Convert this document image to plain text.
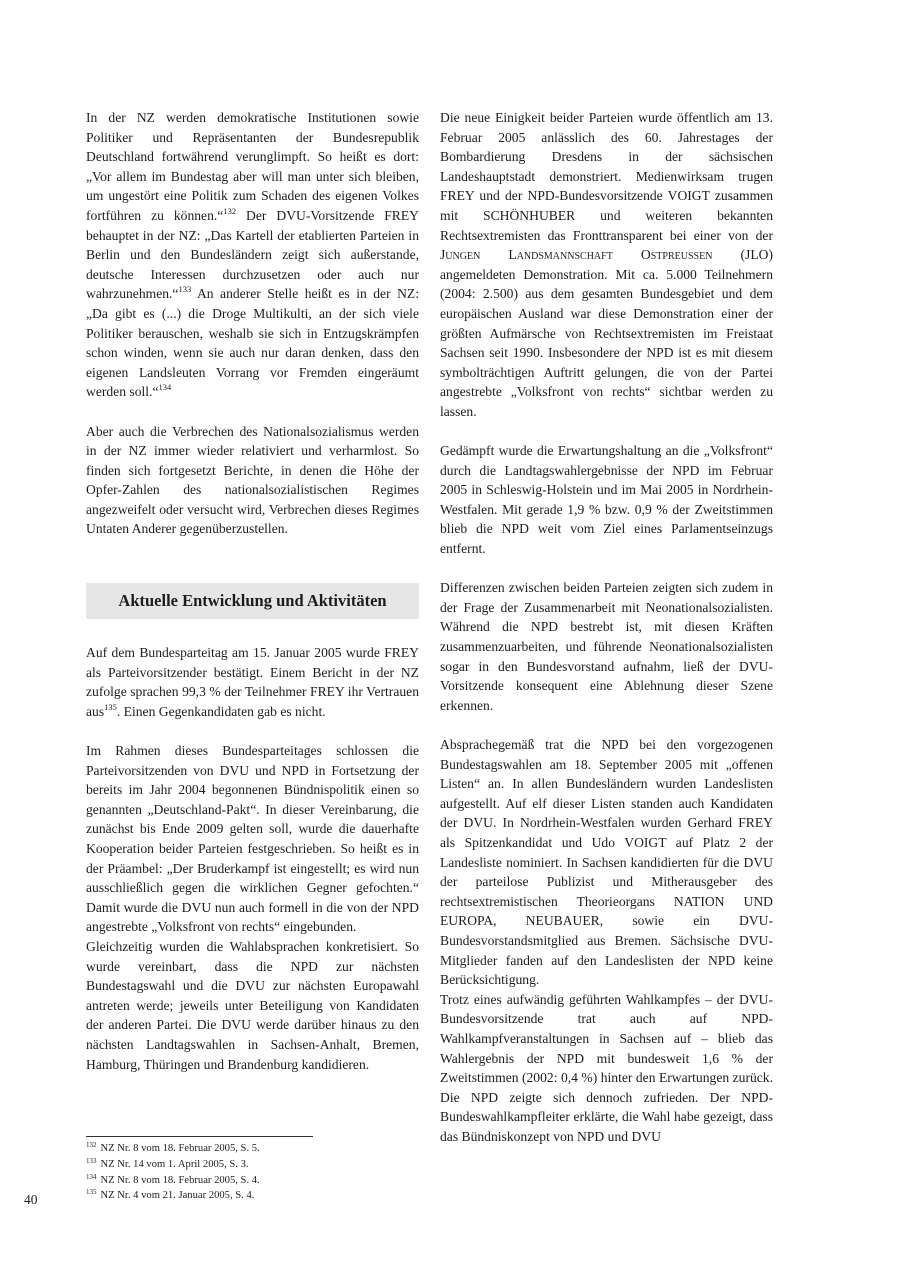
In der NZ werden demokratische Institutionen sowie Politiker und Repräsentanten der Bundesrepublik Deutschland fortwährend verunglimpft. So heißt es dort: „Vor allem im Bundestag aber will man unter sich bleiben, um ungestört eine Politik zum Schaden des eigenen Volkes fortführen zu können.“$^{132}$ Der DVU-Vorsitzende FREY behauptet in der NZ: „Das Kartell der etablierten Parteien in Berlin und den Bundesländern zeigt sich außerstande, deutsche Interessen durchzusetzen oder auch nur wahrzunehmen.“$^{133}$ An anderer Stelle heißt es in der NZ: „Da gibt es (...) die Droge Multikulti, an der sich viele Politiker berauschen, weshalb sie sich in Entzugskrämpfen schon winden, wenn sie auch nur daran denken, dass den eigenen Landsleuten Vorrang vor Fremden eingeräumt werden soll.“$^{134}$

Aber auch die Verbrechen des Nationalsozialismus werden in der NZ immer wieder relativiert und verharmlost. So finden sich fortgesetzt Berichte, in denen die Höhe der Opfer-Zahlen des nationalsozialistischen Regimes angezweifelt oder versucht wird, Verbrechen dieses Regimes Untaten Anderer gegenüberzustellen.

Aktuelle Entwicklung und Aktivitäten

Auf dem Bundesparteitag am 15. Januar 2005 wurde FREY als Parteivorsitzender bestätigt. Einem Bericht in der NZ zufolge sprachen 99,3 % der Teilnehmer FREY ihr Vertrauen aus$^{135}$. Einen Gegenkandidaten gab es nicht.

Im Rahmen dieses Bundesparteitages schlossen die Parteivorsitzenden von DVU und NPD in Fortsetzung der bereits im Jahr 2004 begonnenen Bündnispolitik einen so genannten „Deutschland-Pakt“. In dieser Vereinbarung, die zunächst bis Ende 2009 gelten soll, wurde die dauerhafte Kooperation beider Parteien festgeschrieben. So heißt es in der Präambel: „Der Bruderkampf ist eingestellt; es wird nun ausschließlich gegen die wirklichen Gegner gefochten.“ Damit wurde die DVU nun auch formell in die von der NPD angestrebte „Volksfront von rechts“ eingebunden.

Gleichzeitig wurden die Wahlabsprachen konkretisiert. So wurde vereinbart, dass die NPD zur nächsten Bundestagswahl und die DVU zur nächsten Europawahl antreten werde; jeweils unter Beteiligung von Kandidaten der anderen Partei. Die DVU werde darüber hinaus zu den nächsten Landtagswahlen in Sachsen-Anhalt, Bremen, Hamburg, Thüringen und Brandenburg kandidieren.

Die neue Einigkeit beider Parteien wurde öffentlich am 13. Februar 2005 anlässlich des 60. Jahrestages der Bombardierung Dresdens in der sächsischen Landeshauptstadt demonstriert. Medienwirksam trugen FREY und der NPD-Bundesvorsitzende VOIGT zusammen mit SCHÖNHUBER und weiteren bekannten Rechtsextremisten das Fronttransparent bei einer von der Jungen Landsmannschaft Ostpreußen (JLO) angemeldeten Demonstration. Mit ca. 5.000 Teilnehmern (2004: 2.500) aus dem gesamten Bundesgebiet und dem europäischen Ausland war diese Demonstration einer der größten Aufmärsche von Rechtsextremisten im Freistaat Sachsen seit 1990. Insbesondere der NPD ist es mit diesem symbolträchtigen Auftritt gelungen, die von der Partei angestrebte „Volksfront von rechts“ sichtbar werden zu lassen.

Gedämpft wurde die Erwartungshaltung an die „Volksfront“ durch die Landtagswahlergebnisse der NPD im Februar 2005 in Schleswig-Holstein und im Mai 2005 in Nordrhein-Westfalen. Mit gerade 1,9 % bzw. 0,9 % der Zweitstimmen blieb die NPD weit vom Ziel eines Parlamentseinzugs entfernt.

Differenzen zwischen beiden Parteien zeigten sich zudem in der Frage der Zusammenarbeit mit Neonationalsozialisten. Während die NPD bestrebt ist, mit diesen Kräften zusammenzuarbeiten, und führende Neonationalsozialisten sogar in den Bundesvorstand aufnahm, ließ der DVU-Vorsitzende konsequent eine Ablehnung dieser Szene erkennen.

Absprachegemäß trat die NPD bei den vorgezogenen Bundestagswahlen am 18. September 2005 mit „offenen Listen“ an. In allen Bundesländern wurden Landeslisten aufgestellt. Auf elf dieser Listen standen auch Kandidaten der DVU. In Nordrhein-Westfalen wurden Gerhard FREY als Spitzenkandidat und Udo VOIGT auf Platz 2 der Landesliste nominiert. In Sachsen kandidierten für die DVU der parteilose Publizist und Mitherausgeber des rechtsextremistischen Theorieorgans NATION UND EUROPA, NEUBAUER, sowie ein DVU-Bundesvorstandsmitglied aus Bremen. Sächsische DVU-Mitglieder fanden auf den Landeslisten der NPD keine Berücksichtigung.

Trotz eines aufwändig geführten Wahlkampfes – der DVU-Bundesvorsitzende trat auch auf NPD-Wahlkampfveranstaltungen in Sachsen auf – blieb das Wahlergebnis der NPD mit bundesweit 1,6 % der Zweitstimmen (2002: 0,4 %) hinter den Erwartungen zurück. Die NPD zeigte sich dennoch zufrieden. Der NPD-Bundeswahlkampfleiter erklärte, die Wahl habe gezeigt, dass das Bündniskonzept von NPD und DVU

$^{132}$ NZ Nr. 8 vom 18. Februar 2005, S. 5.
$^{133}$ NZ Nr. 14 vom 1. April 2005, S. 3.
$^{134}$ NZ Nr. 8 vom 18. Februar 2005, S. 4.
$^{135}$ NZ Nr. 4 vom 21. Januar 2005, S. 4.
40
